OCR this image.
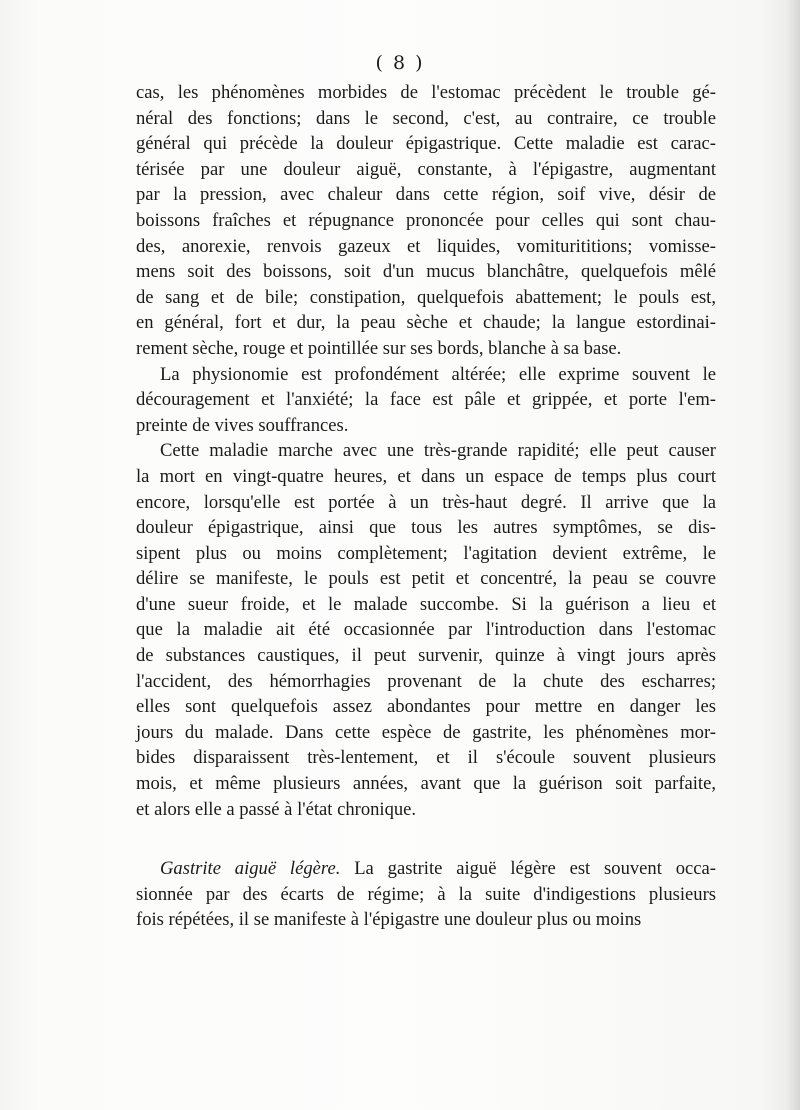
( 8 )
cas, les phénomènes morbides de l'estomac précèdent le trouble gé-
néral des fonctions; dans le second, c'est, au contraire, ce trouble
général qui précède la douleur épigastrique. Cette maladie est carac-
térisée par une douleur aiguë, constante, à l'épigastre, augmentant
par la pression, avec chaleur dans cette région, soif vive, désir de
boissons fraîches et répugnance prononcée pour celles qui sont chau-
des, anorexie, renvois gazeux et liquides, vomiturititions; vomisse-
mens soit des boissons, soit d'un mucus blanchâtre, quelquefois mêlé
de sang et de bile; constipation, quelquefois abattement; le pouls est,
en général, fort et dur, la peau sèche et chaude; la langue estordinai-
rement sèche, rouge et pointillée sur ses bords, blanche à sa base.
La physionomie est profondément altérée; elle exprime souvent le
découragement et l'anxiété; la face est pâle et grippée, et porte l'em-
preinte de vives souffrances.
Cette maladie marche avec une très-grande rapidité; elle peut causer
la mort en vingt-quatre heures, et dans un espace de temps plus court
encore, lorsqu'elle est portée à un très-haut degré. Il arrive que la
douleur épigastrique, ainsi que tous les autres symptômes, se dis-
sipent plus ou moins complètement; l'agitation devient extrême, le
délire se manifeste, le pouls est petit et concentré, la peau se couvre
d'une sueur froide, et le malade succombe. Si la guérison a lieu et
que la maladie ait été occasionnée par l'introduction dans l'estomac
de substances caustiques, il peut survenir, quinze à vingt jours après
l'accident, des hémorrhagies provenant de la chute des escharres;
elles sont quelquefois assez abondantes pour mettre en danger les
jours du malade. Dans cette espèce de gastrite, les phénomènes mor-
bides disparaissent très-lentement, et il s'écoule souvent plusieurs
mois, et même plusieurs années, avant que la guérison soit parfaite,
et alors elle a passé à l'état chronique.
Gastrite aiguë légère. La gastrite aiguë légère est souvent occa-
sionnée par des écarts de régime; à la suite d'indigestions plusieurs
fois répétées, il se manifeste à l'épigastre une douleur plus ou moins
